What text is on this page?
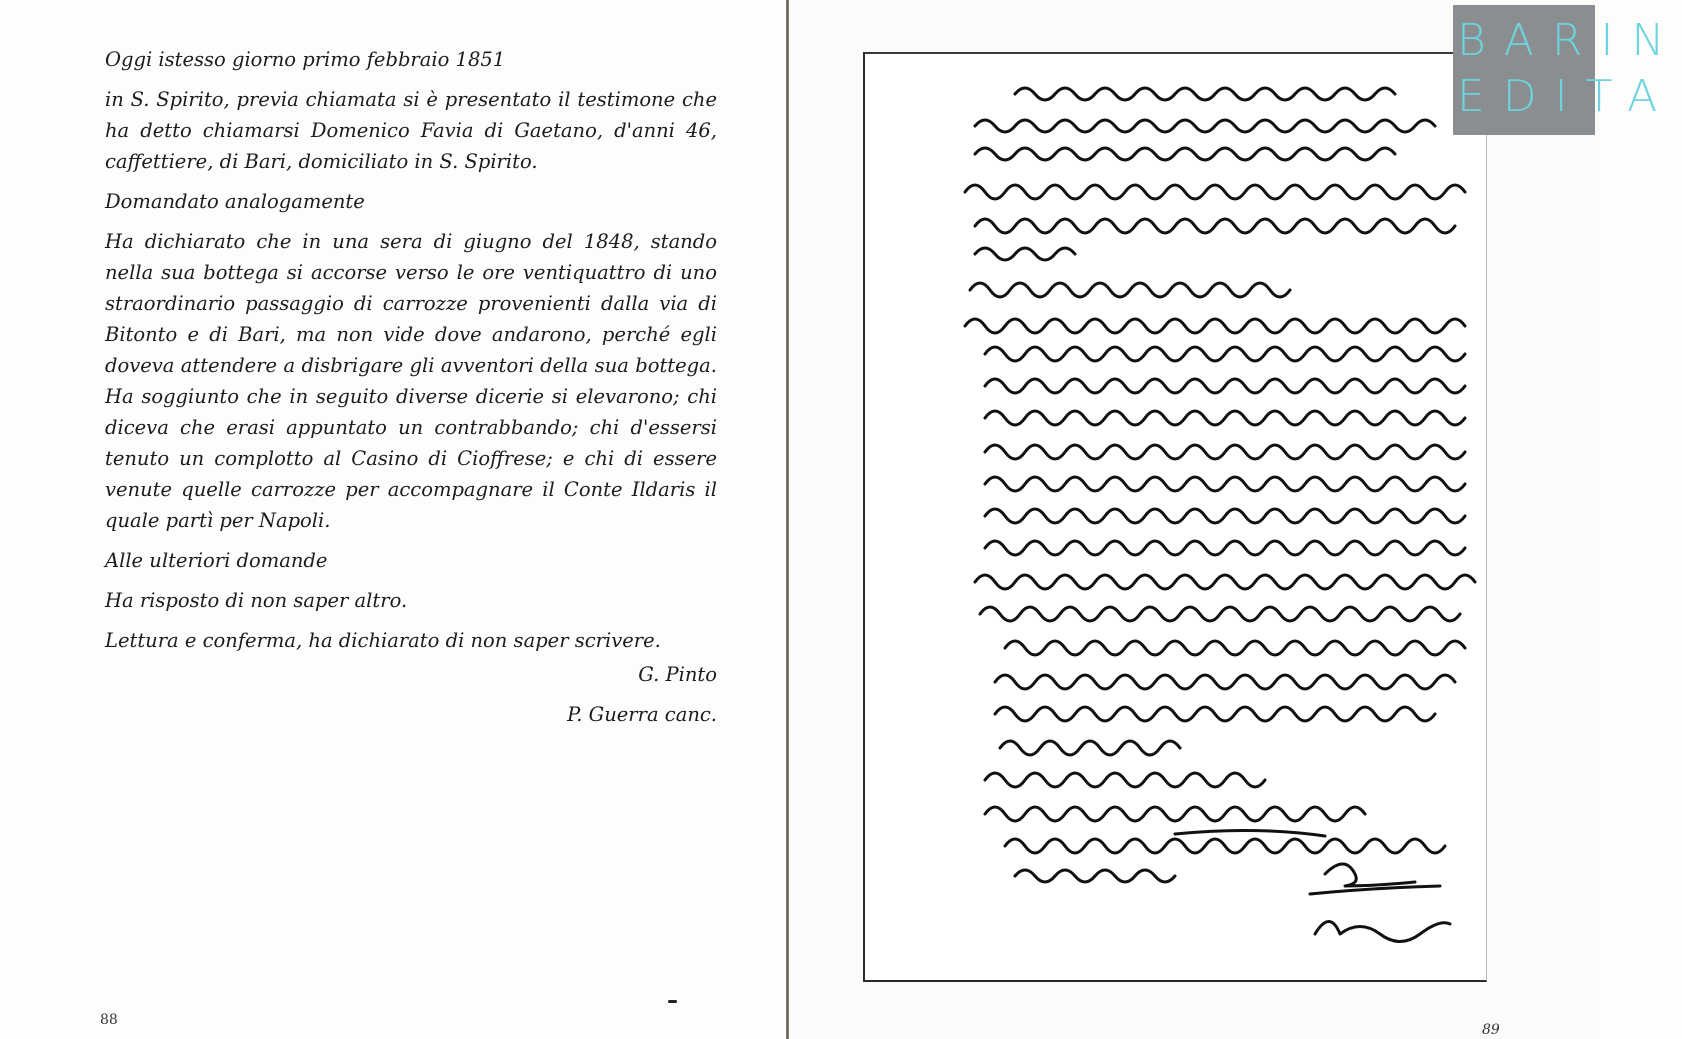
Oggi istesso giorno primo febbraio 1851

in S. Spirito, previa chiamata si è presentato il testimone che ha detto chiamarsi Domenico Favia di Gaetano, d'anni 46, caffettiere, di Bari, domiciliato in S. Spirito.

Domandato analogamente

Ha dichiarato che in una sera di giugno del 1848, stando nella sua bottega si accorse verso le ore ventiquattro di uno straordinario passaggio di carrozze provenienti dalla via di Bitonto e di Bari, ma non vide dove andarono, perché egli doveva attendere a disbrigare gli avventori della sua bottega. Ha soggiunto che in seguito diverse dicerie si elevarono; chi diceva che erasi appuntato un contrabbando; chi d'essersi tenuto un complotto al Casino di Cioffrese; e chi di essere venute quelle carrozze per accompagnare il Conte Ildaris il quale partì per Napoli.

Alle ulteriori domande

Ha risposto di non saper altro.

Lettura e conferma, ha dichiarato di non saper scrivere.

G. Pinto

P. Guerra canc.

88
89
BARIN
EDITA
